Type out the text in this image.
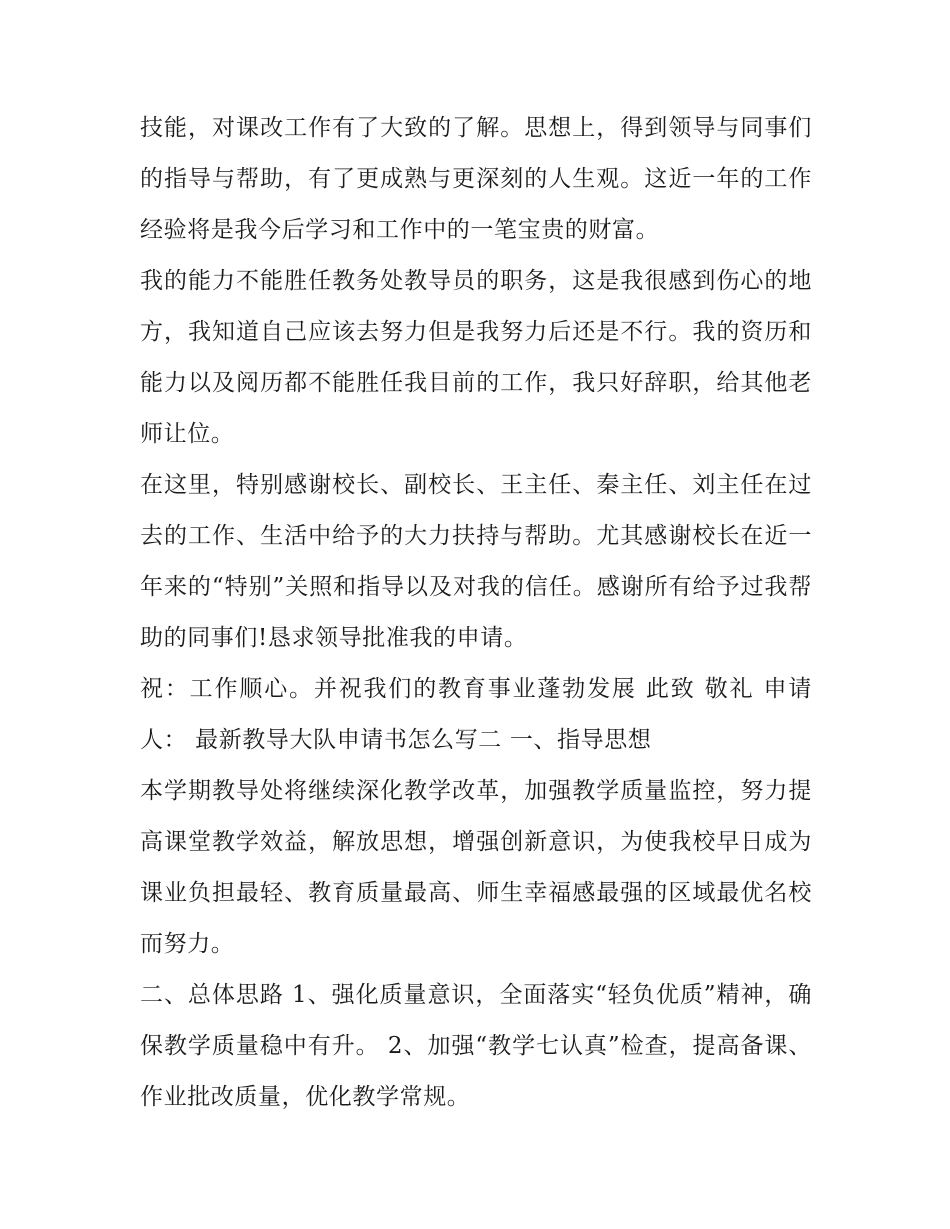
技能，对课改工作有了大致的了解。思想上，得到领导与同事们的指导与帮助，有了更成熟与更深刻的人生观。这近一年的工作经验将是我今后学习和工作中的一笔宝贵的财富。

我的能力不能胜任教务处教导员的职务，这是我很感到伤心的地方，我知道自己应该去努力但是我努力后还是不行。我的资历和能力以及阅历都不能胜任我目前的工作，我只好辞职，给其他老师让位。

在这里，特别感谢校长、副校长、王主任、秦主任、刘主任在过去的工作、生活中给予的大力扶持与帮助。尤其感谢校长在近一年来的“特别”关照和指导以及对我的信任。感谢所有给予过我帮助的同事们!恳求领导批准我的申请。

祝：工作顺心。并祝我们的教育事业蓬勃发展 此致 敬礼 申请人： 最新教导大队申请书怎么写二 一、指导思想

本学期教导处将继续深化教学改革，加强教学质量监控，努力提高课堂教学效益，解放思想，增强创新意识，为使我校早日成为课业负担最轻、教育质量最高、师生幸福感最强的区域最优名校而努力。

二、总体思路 1、强化质量意识，全面落实“轻负优质”精神，确保教学质量稳中有升。 2、加强“教学七认真”检查，提高备课、作业批改质量，优化教学常规。
